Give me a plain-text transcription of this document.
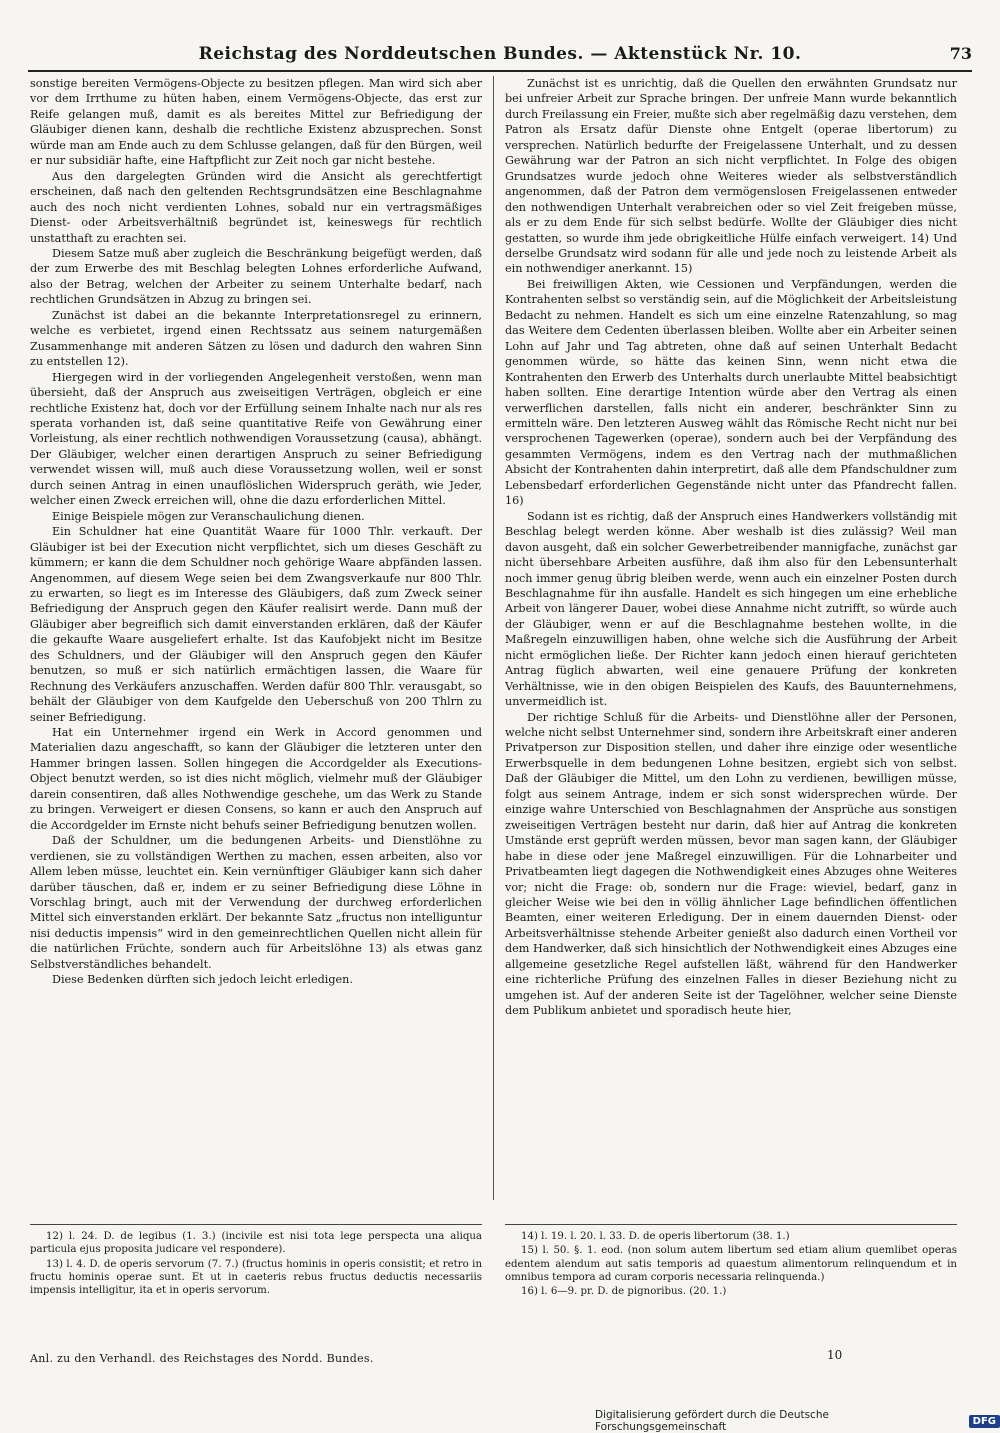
Reichstag des Norddeutschen Bundes. — Aktenstück Nr. 10.	73

sonstige bereiten Vermögens-Objecte zu besitzen pflegen. Man wird sich aber vor dem Irrthume zu hüten haben, einem Vermögens-Objecte, das erst zur Reife gelangen muß, damit es als bereites Mittel zur Befriedigung der Gläubiger dienen kann, deshalb die rechtliche Existenz abzusprechen. Sonst würde man am Ende auch zu dem Schlusse gelangen, daß für den Bürgen, weil er nur subsidiär hafte, eine Haftpflicht zur Zeit noch gar nicht bestehe.

Aus den dargelegten Gründen wird die Ansicht als gerechtfertigt erscheinen, daß nach den geltenden Rechtsgrundsätzen eine Beschlagnahme auch des noch nicht verdienten Lohnes, sobald nur ein vertragsmäßiges Dienst- oder Arbeitsverhältniß begründet ist, keineswegs für rechtlich unstatthaft zu erachten sei.

Diesem Satze muß aber zugleich die Beschränkung beigefügt werden, daß der zum Erwerbe des mit Beschlag belegten Lohnes erforderliche Aufwand, also der Betrag, welchen der Arbeiter zu seinem Unterhalte bedarf, nach rechtlichen Grundsätzen in Abzug zu bringen sei.

Zunächst ist dabei an die bekannte Interpretationsregel zu erinnern, welche es verbietet, irgend einen Rechtssatz aus seinem naturgemäßen Zusammenhange mit anderen Sätzen zu lösen und dadurch den wahren Sinn zu entstellen 12).

Hiergegen wird in der vorliegenden Angelegenheit verstoßen, wenn man übersieht, daß der Anspruch aus zweiseitigen Verträgen, obgleich er eine rechtliche Existenz hat, doch vor der Erfüllung seinem Inhalte nach nur als res sperata vorhanden ist, daß seine quantitative Reife von Gewährung einer Vorleistung, als einer rechtlich nothwendigen Voraussetzung (causa), abhängt. Der Gläubiger, welcher einen derartigen Anspruch zu seiner Befriedigung verwendet wissen will, muß auch diese Voraussetzung wollen, weil er sonst durch seinen Antrag in einen unauflöslichen Widerspruch geräth, wie Jeder, welcher einen Zweck erreichen will, ohne die dazu erforderlichen Mittel.

Einige Beispiele mögen zur Veranschaulichung dienen.

Ein Schuldner hat eine Quantität Waare für 1000 Thlr. verkauft. Der Gläubiger ist bei der Execution nicht verpflichtet, sich um dieses Geschäft zu kümmern; er kann die dem Schuldner noch gehörige Waare abpfänden lassen. Angenommen, auf diesem Wege seien bei dem Zwangsverkaufe nur 800 Thlr. zu erwarten, so liegt es im Interesse des Gläubigers, daß zum Zweck seiner Befriedigung der Anspruch gegen den Käufer realisirt werde. Dann muß der Gläubiger aber begreiflich sich damit einverstanden erklären, daß der Käufer die gekaufte Waare ausgeliefert erhalte. Ist das Kaufobjekt nicht im Besitze des Schuldners, und der Gläubiger will den Anspruch gegen den Käufer benutzen, so muß er sich natürlich ermächtigen lassen, die Waare für Rechnung des Verkäufers anzuschaffen. Werden dafür 800 Thlr. verausgabt, so behält der Gläubiger von dem Kaufgelde den Ueberschuß von 200 Thlrn zu seiner Befriedigung.

Hat ein Unternehmer irgend ein Werk in Accord genommen und Materialien dazu angeschafft, so kann der Gläubiger die letzteren unter den Hammer bringen lassen. Sollen hingegen die Accordgelder als Executions-Object benutzt werden, so ist dies nicht möglich, vielmehr muß der Gläubiger darein consentiren, daß alles Nothwendige geschehe, um das Werk zu Stande zu bringen. Verweigert er diesen Consens, so kann er auch den Anspruch auf die Accordgelder im Ernste nicht behufs seiner Befriedigung benutzen wollen.

Daß der Schuldner, um die bedungenen Arbeits- und Dienstlöhne zu verdienen, sie zu vollständigen Werthen zu machen, essen arbeiten, also vor Allem leben müsse, leuchtet ein. Kein vernünftiger Gläubiger kann sich daher darüber täuschen, daß er, indem er zu seiner Befriedigung diese Löhne in Vorschlag bringt, auch mit der Verwendung der durchweg erforderlichen Mittel sich einverstanden erklärt. Der bekannte Satz „fructus non intelliguntur nisi deductis impensis“ wird in den gemeinrechtlichen Quellen nicht allein für die natürlichen Früchte, sondern auch für Arbeitslöhne 13) als etwas ganz Selbstverständliches behandelt.

Diese Bedenken dürften sich jedoch leicht erledigen.

Zunächst ist es unrichtig, daß die Quellen den erwähnten Grundsatz nur bei unfreier Arbeit zur Sprache bringen. Der unfreie Mann wurde bekanntlich durch Freilassung ein Freier, mußte sich aber regelmäßig dazu verstehen, dem Patron als Ersatz dafür Dienste ohne Entgelt (operae libertorum) zu versprechen. Natürlich bedurfte der Freigelassene Unterhalt, und zu dessen Gewährung war der Patron an sich nicht verpflichtet. In Folge des obigen Grundsatzes wurde jedoch ohne Weiteres wieder als selbstverständlich angenommen, daß der Patron dem vermögenslosen Freigelassenen entweder den nothwendigen Unterhalt verabreichen oder so viel Zeit freigeben müsse, als er zu dem Ende für sich selbst bedürfe. Wollte der Gläubiger dies nicht gestatten, so wurde ihm jede obrigkeitliche Hülfe einfach verweigert. 14) Und derselbe Grundsatz wird sodann für alle und jede noch zu leistende Arbeit als ein nothwendiger anerkannt. 15)

Bei freiwilligen Akten, wie Cessionen und Verpfändungen, werden die Kontrahenten selbst so verständig sein, auf die Möglichkeit der Arbeitsleistung Bedacht zu nehmen. Handelt es sich um eine einzelne Ratenzahlung, so mag das Weitere dem Cedenten überlassen bleiben. Wollte aber ein Arbeiter seinen Lohn auf Jahr und Tag abtreten, ohne daß auf seinen Unterhalt Bedacht genommen würde, so hätte das keinen Sinn, wenn nicht etwa die Kontrahenten den Erwerb des Unterhalts durch unerlaubte Mittel beabsichtigt haben sollten. Eine derartige Intention würde aber den Vertrag als einen verwerflichen darstellen, falls nicht ein anderer, beschränkter Sinn zu ermitteln wäre. Den letzteren Ausweg wählt das Römische Recht nicht nur bei versprochenen Tagewerken (operae), sondern auch bei der Verpfändung des gesammten Vermögens, indem es den Vertrag nach der muthmaßlichen Absicht der Kontrahenten dahin interpretirt, daß alle dem Pfandschuldner zum Lebensbedarf erforderlichen Gegenstände nicht unter das Pfandrecht fallen. 16)

Sodann ist es richtig, daß der Anspruch eines Handwerkers vollständig mit Beschlag belegt werden könne. Aber weshalb ist dies zulässig? Weil man davon ausgeht, daß ein solcher Gewerbetreibender mannigfache, zunächst gar nicht übersehbare Arbeiten ausführe, daß ihm also für den Lebensunterhalt noch immer genug übrig bleiben werde, wenn auch ein einzelner Posten durch Beschlagnahme für ihn ausfalle. Handelt es sich hingegen um eine erhebliche Arbeit von längerer Dauer, wobei diese Annahme nicht zutrifft, so würde auch der Gläubiger, wenn er auf die Beschlagnahme bestehen wollte, in die Maßregeln einzuwilligen haben, ohne welche sich die Ausführung der Arbeit nicht ermöglichen ließe. Der Richter kann jedoch einen hierauf gerichteten Antrag füglich abwarten, weil eine genauere Prüfung der konkreten Verhältnisse, wie in den obigen Beispielen des Kaufs, des Bauunternehmens, unvermeidlich ist.

Der richtige Schluß für die Arbeits- und Dienstlöhne aller der Personen, welche nicht selbst Unternehmer sind, sondern ihre Arbeitskraft einer anderen Privatperson zur Disposition stellen, und daher ihre einzige oder wesentliche Erwerbsquelle in dem bedungenen Lohne besitzen, ergiebt sich von selbst. Daß der Gläubiger die Mittel, um den Lohn zu verdienen, bewilligen müsse, folgt aus seinem Antrage, indem er sich sonst widersprechen würde. Der einzige wahre Unterschied von Beschlagnahmen der Ansprüche aus sonstigen zweiseitigen Verträgen besteht nur darin, daß hier auf Antrag die konkreten Umstände erst geprüft werden müssen, bevor man sagen kann, der Gläubiger habe in diese oder jene Maßregel einzuwilligen. Für die Lohnarbeiter und Privatbeamten liegt dagegen die Nothwendigkeit eines Abzuges ohne Weiteres vor; nicht die Frage: ob, sondern nur die Frage: wieviel, bedarf, ganz in gleicher Weise wie bei den in völlig ähnlicher Lage befindlichen öffentlichen Beamten, einer weiteren Erledigung. Der in einem dauernden Dienst- oder Arbeitsverhältnisse stehende Arbeiter genießt also dadurch einen Vortheil vor dem Handwerker, daß sich hinsichtlich der Nothwendigkeit eines Abzuges eine allgemeine gesetzliche Regel aufstellen läßt, während für den Handwerker eine richterliche Prüfung des einzelnen Falles in dieser Beziehung nicht zu umgehen ist. Auf der anderen Seite ist der Tagelöhner, welcher seine Dienste dem Publikum anbietet und sporadisch heute hier,

12) l. 24. D. de legibus (1. 3.) (incivile est nisi tota lege perspecta una aliqua particula ejus proposita judicare vel respondere).

13) l. 4. D. de operis servorum (7. 7.) (fructus hominis in operis consistit; et retro in fructu hominis operae sunt. Et ut in caeteris rebus fructus deductis necessariis impensis intelligitur, ita et in operis servorum.

14) l. 19. l. 20. l. 33. D. de operis libertorum (38. 1.)

15) l. 50. §. 1. eod. (non solum autem libertum sed etiam alium quemlibet operas edentem alendum aut satis temporis ad quaestum alimentorum relinquendum et in omnibus tempora ad curam corporis necessaria relinquenda.)

16) l. 6—9. pr. D. de pignoribus. (20. 1.)

Anl. zu den Verhandl. des Reichstages des Nordd. Bundes.	10
Digitalisierung gefördert durch die Deutsche Forschungsgemeinschaft	DFG
